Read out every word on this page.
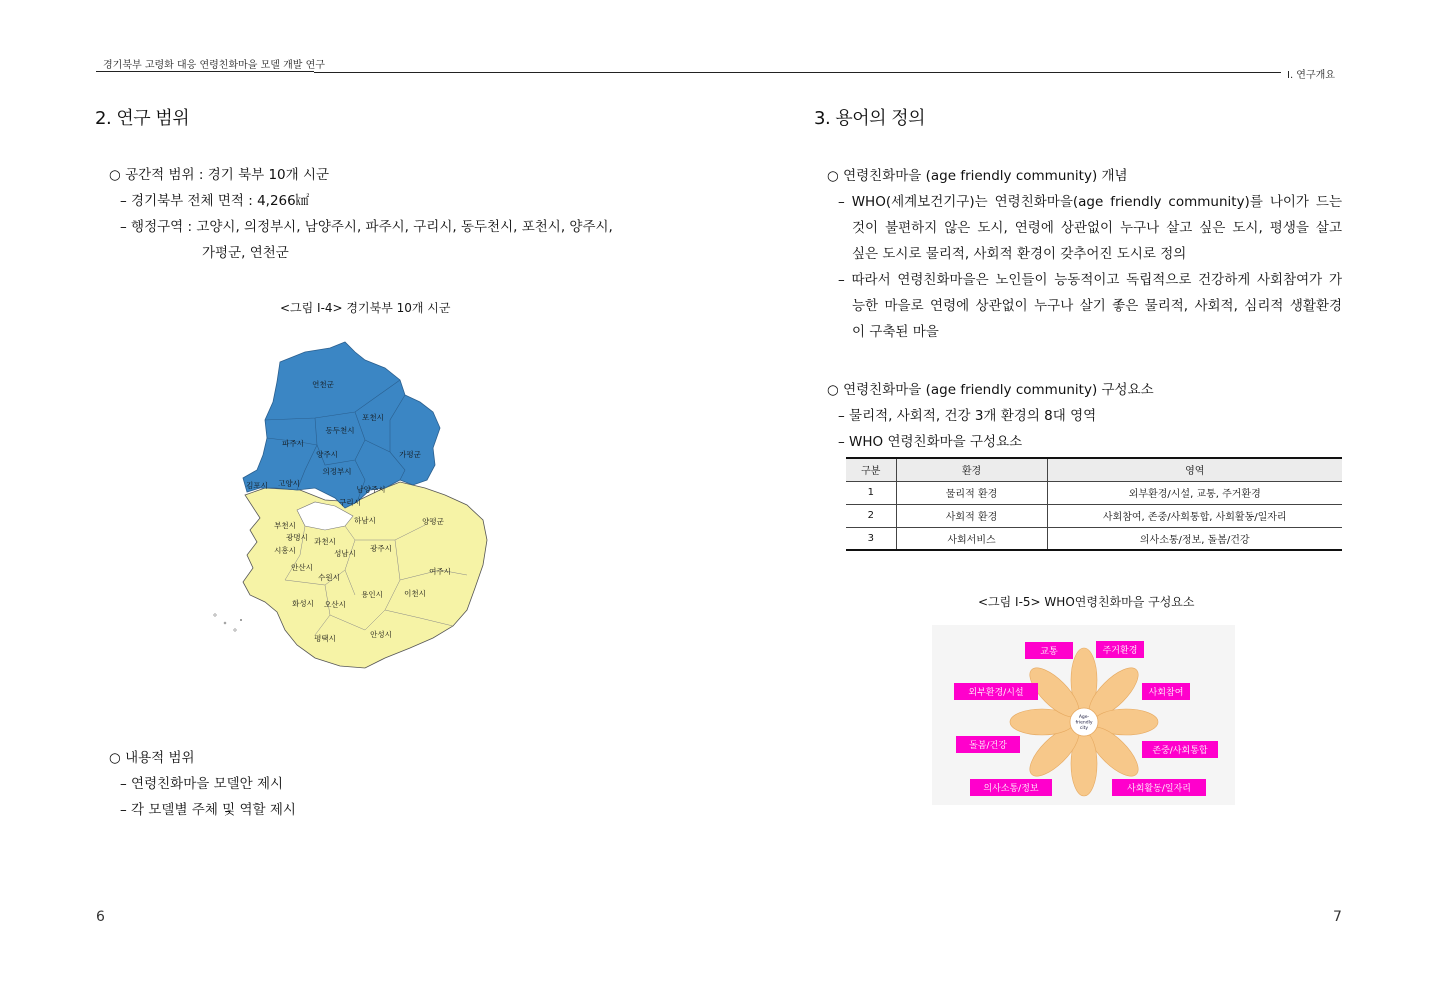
경기북부 고령화 대응 연령친화마을 모델 개발 연구
Ⅰ. 연구개요
2. 연구 범위
○ 공간적 범위 : 경기 북부 10개 시군
– 경기북부 전체 면적 : 4,266㎢
– 행정구역 : 고양시, 의정부시, 남양주시, 파주시, 구리시, 동두천시, 포천시, 양주시,
가평군, 연천군
<그림 Ⅰ-4> 경기북부 10개 시군
연천군
포천시
동두천시
파주시
양주시	가평군
의정부시
김포시 고양시
남양주시
구리시
하남시	양평군
부천시
광명시 과천시
시흥시	성남시
광주시
안산시
수원시
여주시
화성시 오산시
용인시	이천시
평택시	안성시
○ 내용적 범위
– 연령친화마을 모델안 제시
– 각 모델별 주체 및 역할 제시
6
3. 용어의 정의
○ 연령친화마을 (age friendly community) 개념
– WHO(세계보건기구)는 연령친화마을(age friendly community)를 나이가 드는
것이 불편하지 않은 도시, 연령에 상관없이 누구나 살고 싶은 도시, 평생을 살고
싶은 도시로 물리적, 사회적 환경이 갖추어진 도시로 정의
– 따라서 연령친화마을은 노인들이 능동적이고 독립적으로 건강하게 사회참여가 가
능한 마을로 연령에 상관없이 누구나 살기 좋은 물리적, 사회적, 심리적 생활환경
이 구축된 마을
○ 연령친화마을 (age friendly community) 구성요소
– 물리적, 사회적, 건강 3개 환경의 8대 영역
– WHO 연령친화마을 구성요소
구분	환경	영역
1	물리적 환경	외부환경/시설, 교통, 주거환경
2	사회적 환경	사회참여, 존중/사회통합, 사회활동/일자리
3	사회서비스	의사소통/정보, 돌봄/건강
<그림 Ⅰ-5> WHO연령친화마을 구성요소
Age-
friendly
city
교통	주거환경
외부환경/시설	사회참여
돌봄/건강	존중/사회통합
의사소통/정보	사회활동/일자리
7
